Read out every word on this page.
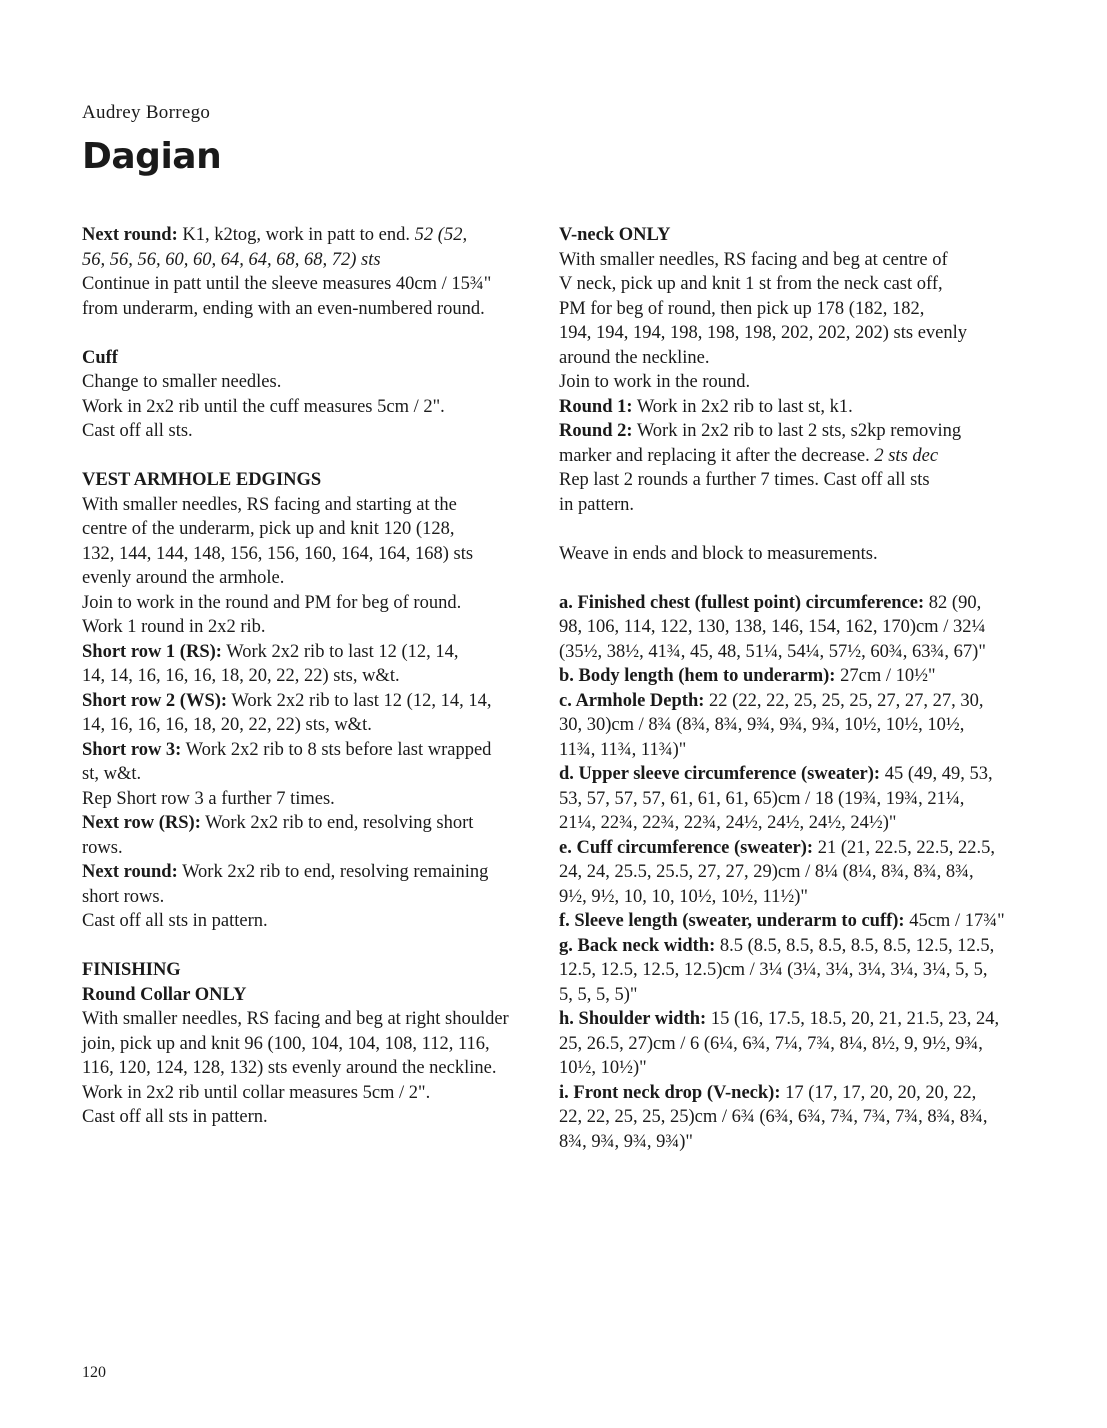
Audrey Borrego
Dagian
Next round: K1, k2tog, work in patt to end. 52 (52,
56, 56, 56, 60, 60, 64, 64, 68, 68, 72) sts
Continue in patt until the sleeve measures 40cm / 15¾"
from underarm, ending with an even-numbered round.
Cuff
Change to smaller needles.
Work in 2x2 rib until the cuff measures 5cm / 2".
Cast off all sts.
VEST ARMHOLE EDGINGS
With smaller needles, RS facing and starting at the
centre of the underarm, pick up and knit 120 (128,
132, 144, 144, 148, 156, 156, 160, 164, 164, 168) sts
evenly around the armhole.
Join to work in the round and PM for beg of round.
Work 1 round in 2x2 rib.
Short row 1 (RS): Work 2x2 rib to last 12 (12, 14,
14, 14, 16, 16, 16, 18, 20, 22, 22) sts, w&t.
Short row 2 (WS): Work 2x2 rib to last 12 (12, 14, 14,
14, 16, 16, 16, 18, 20, 22, 22) sts, w&t.
Short row 3: Work 2x2 rib to 8 sts before last wrapped
st, w&t.
Rep Short row 3 a further 7 times.
Next row (RS): Work 2x2 rib to end, resolving short
rows.
Next round: Work 2x2 rib to end, resolving remaining
short rows.
Cast off all sts in pattern.
FINISHING
Round Collar ONLY
With smaller needles, RS facing and beg at right shoulder
join, pick up and knit 96 (100, 104, 104, 108, 112, 116,
116, 120, 124, 128, 132) sts evenly around the neckline.
Work in 2x2 rib until collar measures 5cm / 2".
Cast off all sts in pattern.
V-neck ONLY
With smaller needles, RS facing and beg at centre of
V neck, pick up and knit 1 st from the neck cast off,
PM for beg of round, then pick up 178 (182, 182,
194, 194, 194, 198, 198, 198, 202, 202, 202) sts evenly
around the neckline.
Join to work in the round.
Round 1: Work in 2x2 rib to last st, k1.
Round 2: Work in 2x2 rib to last 2 sts, s2kp removing
marker and replacing it after the decrease. 2 sts dec
Rep last 2 rounds a further 7 times. Cast off all sts
in pattern.
Weave in ends and block to measurements.
a. Finished chest (fullest point) circumference: 82 (90,
98, 106, 114, 122, 130, 138, 146, 154, 162, 170)cm / 32¼
(35½, 38½, 41¾, 45, 48, 51¼, 54¼, 57½, 60¾, 63¾, 67)"
b. Body length (hem to underarm): 27cm / 10½"
c. Armhole Depth: 22 (22, 22, 25, 25, 25, 27, 27, 27, 30,
30, 30)cm / 8¾ (8¾, 8¾, 9¾, 9¾, 9¾, 10½, 10½, 10½,
11¾, 11¾, 11¾)"
d. Upper sleeve circumference (sweater): 45 (49, 49, 53,
53, 57, 57, 57, 61, 61, 61, 65)cm / 18 (19¾, 19¾, 21¼,
21¼, 22¾, 22¾, 22¾, 24½, 24½, 24½, 24½)"
e. Cuff circumference (sweater): 21 (21, 22.5, 22.5, 22.5,
24, 24, 25.5, 25.5, 27, 27, 29)cm / 8¼ (8¼, 8¾, 8¾, 8¾,
9½, 9½, 10, 10, 10½, 10½, 11½)"
f. Sleeve length (sweater, underarm to cuff): 45cm / 17¾"
g. Back neck width: 8.5 (8.5, 8.5, 8.5, 8.5, 8.5, 12.5, 12.5,
12.5, 12.5, 12.5, 12.5)cm / 3¼ (3¼, 3¼, 3¼, 3¼, 3¼, 5, 5,
5, 5, 5, 5)"
h. Shoulder width: 15 (16, 17.5, 18.5, 20, 21, 21.5, 23, 24,
25, 26.5, 27)cm / 6 (6¼, 6¾, 7¼, 7¾, 8¼, 8½, 9, 9½, 9¾,
10½, 10½)"
i. Front neck drop (V-neck): 17 (17, 17, 20, 20, 20, 22,
22, 22, 25, 25, 25)cm / 6¾ (6¾, 6¾, 7¾, 7¾, 7¾, 8¾, 8¾,
8¾, 9¾, 9¾, 9¾)"
120
